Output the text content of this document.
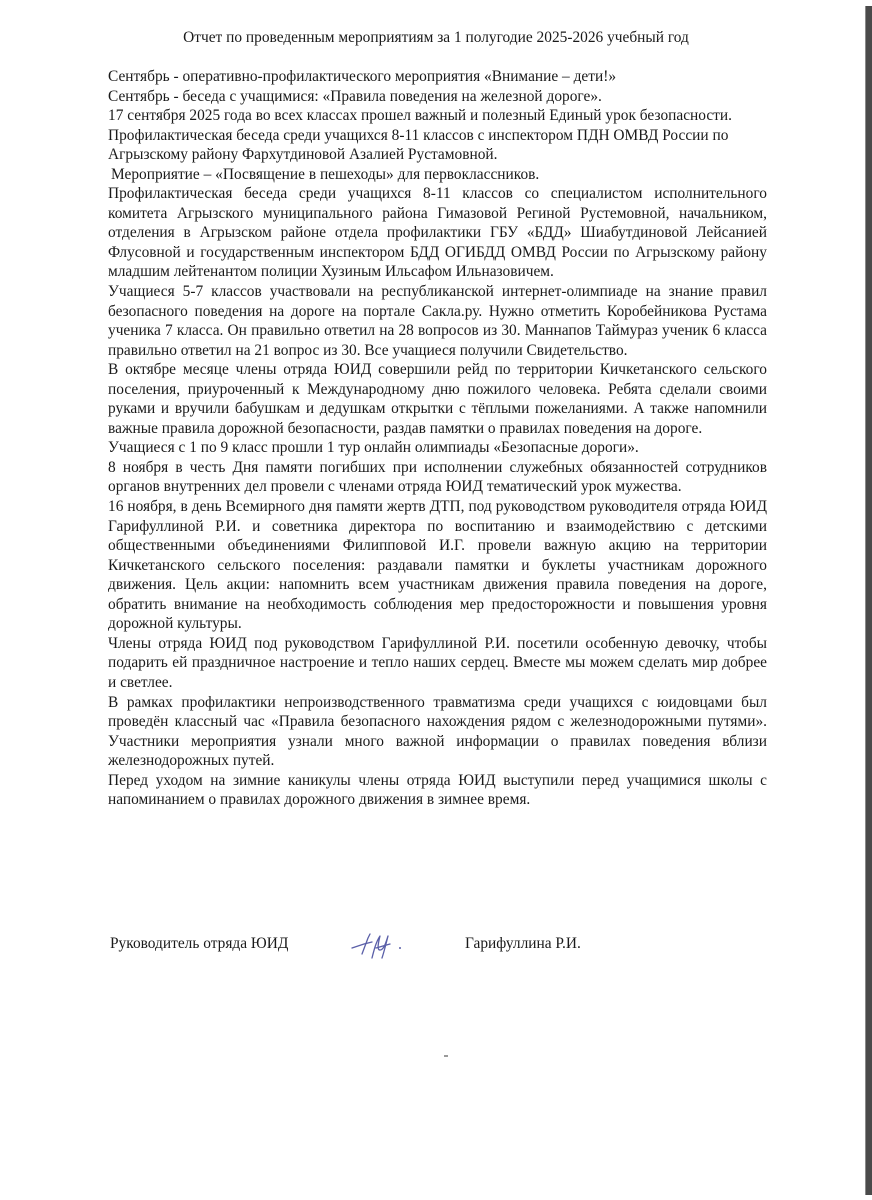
Отчет по проведенным мероприятиям за 1 полугодие 2025-2026 учебный год

Сентябрь - оперативно-профилактического мероприятия «Внимание – дети!»

Сентябрь - беседа с учащимися: «Правила поведения на железной дороге».

17 сентября 2025 года во всех классах прошел важный и полезный Единый урок безопасности.

Профилактическая беседа среди учащихся 8-11 классов с инспектором ПДН ОМВД России по Агрызскому району Фархутдиновой Азалией Рустамовной.

Мероприятие – «Посвящение в пешеходы» для первоклассников.

Профилактическая беседа среди учащихся 8-11 классов со специалистом исполнительного комитета Агрызского муниципального района Гимазовой Региной Рустемовной, начальником, отделения в Агрызском районе отдела профилактики ГБУ «БДД» Шиабутдиновой Лейсанией Флусовной и государственным инспектором БДД ОГИБДД ОМВД России по Агрызскому району младшим лейтенантом полиции Хузиным Ильсафом Ильназовичем.

Учащиеся 5-7 классов участвовали на республиканской интернет-олимпиаде на знание правил безопасного поведения на дороге на портале Сакла.ру. Нужно отметить Коробейникова Рустама ученика 7 класса. Он правильно ответил на 28 вопросов из 30. Маннапов Таймураз ученик 6 класса правильно ответил на 21 вопрос из 30. Все учащиеся получили Свидетельство.

В октябре месяце члены отряда ЮИД совершили рейд по территории Кичкетанского сельского поселения, приуроченный к Международному дню пожилого человека. Ребята сделали своими руками и вручили бабушкам и дедушкам открытки с тёплыми пожеланиями. А также напомнили важные правила дорожной безопасности, раздав памятки о правилах поведения на дороге.

Учащиеся с 1 по 9 класс прошли 1 тур онлайн олимпиады «Безопасные дороги».

8 ноября в честь Дня памяти погибших при исполнении служебных обязанностей сотрудников органов внутренних дел провели с членами отряда ЮИД тематический урок мужества.

16 ноября, в день Всемирного дня памяти жертв ДТП, под руководством руководителя отряда ЮИД Гарифуллиной Р.И. и советника директора по воспитанию и взаимодействию с детскими общественными объединениями Филипповой И.Г. провели важную акцию на территории Кичкетанского сельского поселения: раздавали памятки и буклеты участникам дорожного движения. Цель акции: напомнить всем участникам движения правила поведения на дороге, обратить внимание на необходимость соблюдения мер предосторожности и повышения уровня дорожной культуры.

Члены отряда ЮИД под руководством Гарифуллиной Р.И. посетили особенную девочку, чтобы подарить ей праздничное настроение и тепло наших сердец. Вместе мы можем сделать мир добрее и светлее.

В рамках профилактики непроизводственного травматизма среди учащихся с юидовцами был проведён классный час «Правила безопасного нахождения рядом с железнодорожными путями». Участники мероприятия узнали много важной информации о правилах поведения вблизи железнодорожных путей.

Перед уходом на зимние каникулы члены отряда ЮИД выступили перед учащимися школы с напоминанием о правилах дорожного движения в зимнее время.

Руководитель отряда ЮИД	Гарифуллина Р.И.
